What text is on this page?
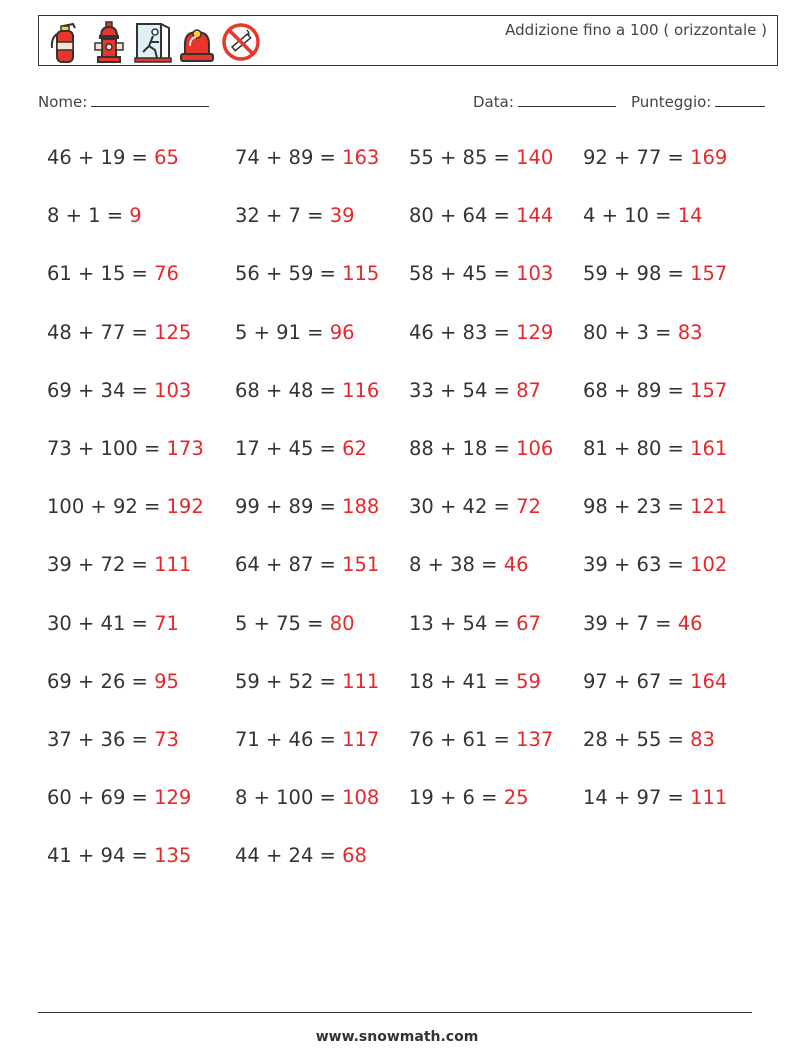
Addizione fino a 100 ( orizzontale )
Nome:	Data:	Punteggio:
46 + 19 = 65	74 + 89 = 163 55 + 85 = 140 92 + 77 = 169
8 + 1 = 9	32 + 7 = 39	80 + 64 = 144 4 + 10 = 14
61 + 15 = 76	56 + 59 = 115 58 + 45 = 103 59 + 98 = 157
48 + 77 = 125 5 + 91 = 96	46 + 83 = 129 80 + 3 = 83
69 + 34 = 103 68 + 48 = 116 33 + 54 = 87 68 + 89 = 157
73 + 100 = 173 17 + 45 = 62 88 + 18 = 106 81 + 80 = 161
100 + 92 = 192 99 + 89 = 188 30 + 42 = 72 98 + 23 = 121
39 + 72 = 111 64 + 87 = 151 8 + 38 = 46	39 + 63 = 102
30 + 41 = 71	5 + 75 = 80	13 + 54 = 67 39 + 7 = 46
69 + 26 = 95	59 + 52 = 111 18 + 41 = 59 97 + 67 = 164
37 + 36 = 73	71 + 46 = 117 76 + 61 = 137 28 + 55 = 83
60 + 69 = 129 8 + 100 = 108 19 + 6 = 25	14 + 97 = 111
41 + 94 = 135 44 + 24 = 68
www.snowmath.com
